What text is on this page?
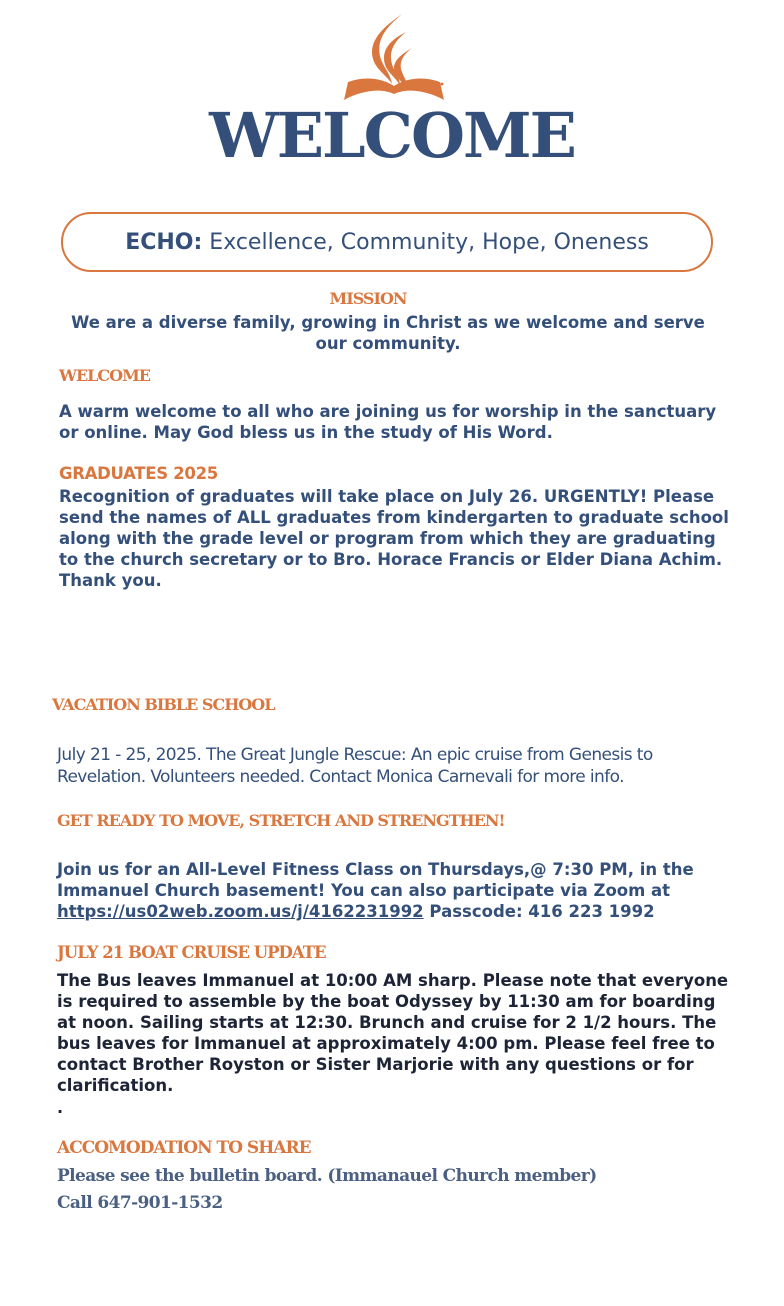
WELCOME
ECHO: Excellence, Community, Hope, Oneness
MISSION
We are a diverse family, growing in Christ as we welcome and serve our community.
WELCOME
A warm welcome to all who are joining us for worship in the sanctuary or online. May God bless us in the study of His Word.
GRADUATES 2025
Recognition of graduates will take place on July 26. URGENTLY! Please send the names of ALL graduates from kindergarten to graduate school along with the grade level or program from which they are graduating to the church secretary or to Bro. Horace Francis or Elder Diana Achim. Thank you.
VACATION BIBLE SCHOOL
July 21 - 25, 2025. The Great Jungle Rescue: An epic cruise from Genesis to Revelation. Volunteers needed. Contact Monica Carnevali for more info.
GET READY TO MOVE, STRETCH AND STRENGTHEN!
Join us for an All-Level Fitness Class on Thursdays,@ 7:30 PM, in the Immanuel Church basement! You can also participate via Zoom at https://us02web.zoom.us/j/4162231992 Passcode: 416 223 1992
JULY 21 BOAT CRUISE UPDATE
The Bus leaves Immanuel at 10:00 AM sharp. Please note that everyone is required to assemble by the boat Odyssey by 11:30 am for boarding at noon. Sailing starts at 12:30. Brunch and cruise for 2 1/2 hours. The bus leaves for Immanuel at approximately 4:00 pm. Please feel free to contact Brother Royston or Sister Marjorie with any questions or for clarification.
.
ACCOMODATION TO SHARE
Please see the bulletin board. (Immanauel Church member)
Call 647-901-1532
